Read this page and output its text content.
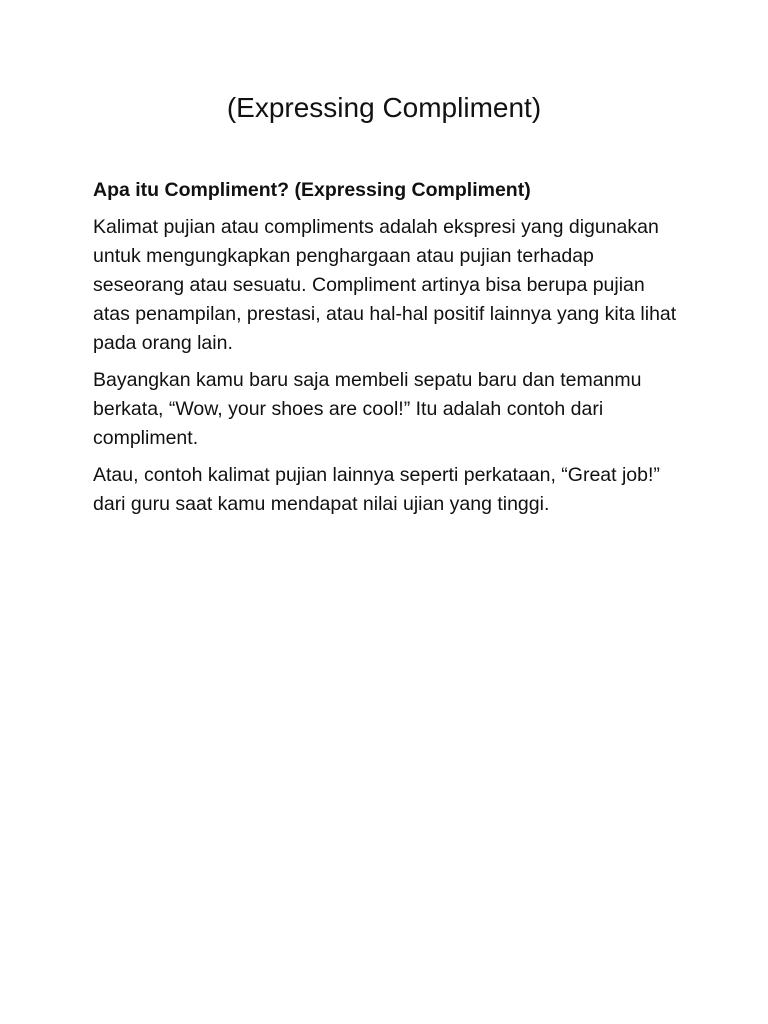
(Expressing Compliment)

Apa itu Compliment? (Expressing Compliment)

Kalimat pujian atau compliments adalah ekspresi yang digunakan untuk mengungkapkan penghargaan atau pujian terhadap seseorang atau sesuatu. Compliment artinya bisa berupa pujian atas penampilan, prestasi, atau hal-hal positif lainnya yang kita lihat pada orang lain.

Bayangkan kamu baru saja membeli sepatu baru dan temanmu berkata, “Wow, your shoes are cool!” Itu adalah contoh dari compliment.

Atau, contoh kalimat pujian lainnya seperti perkataan, “Great job!” dari guru saat kamu mendapat nilai ujian yang tinggi.
